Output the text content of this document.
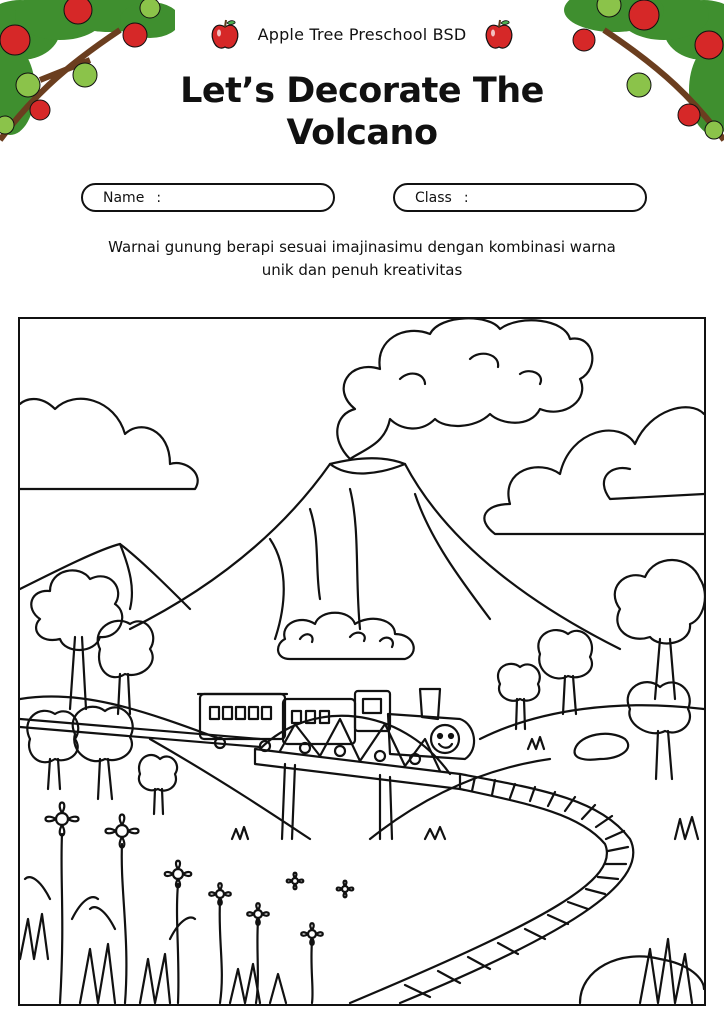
Apple Tree Preschool BSD
Let’s Decorate The
Volcano
Name :	Class :
Warnai gunung berapi sesuai imajinasimu dengan kombinasi warna
unik dan penuh kreativitas
